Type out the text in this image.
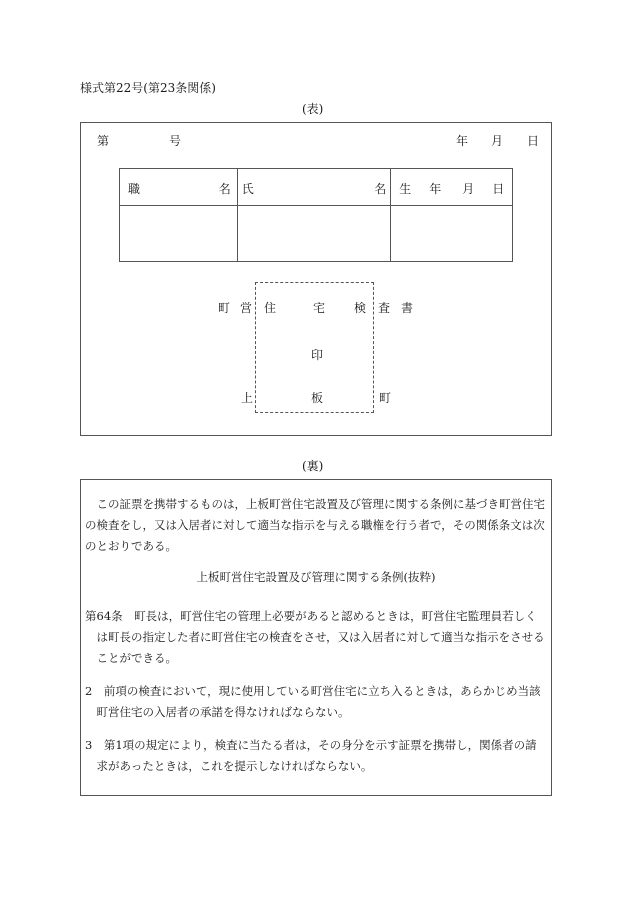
様式第22号(第23条関係)
(表)
第	号	年 月 日
職 名	氏 名	生 年 月 日

町 営 住	宅 検 査 書
印
上	板	町
(裏)
この証票を携帯するものは，上板町営住宅設置及び管理に関する条例に基づき町営住宅の検査をし，又は入居者に対して適当な指示を与える職権を行う者で，その関係条文は次のとおりである。
上板町営住宅設置及び管理に関する条例(抜粋)
第64条　 町長は，町営住宅の管理上必要があると認めるときは，町営住宅監理員若しくは町長の指定した者に町営住宅の検査をさせ，又は入居者に対して適当な指示をさせることができる。
2　 前項の検査において，現に使用している町営住宅に立ち入るときは，あらかじめ当該町営住宅の入居者の承諾を得なければならない。
3　 第1項の規定により，検査に当たる者は，その身分を示す証票を携帯し，関係者の請求があったときは，これを提示しなければならない。
